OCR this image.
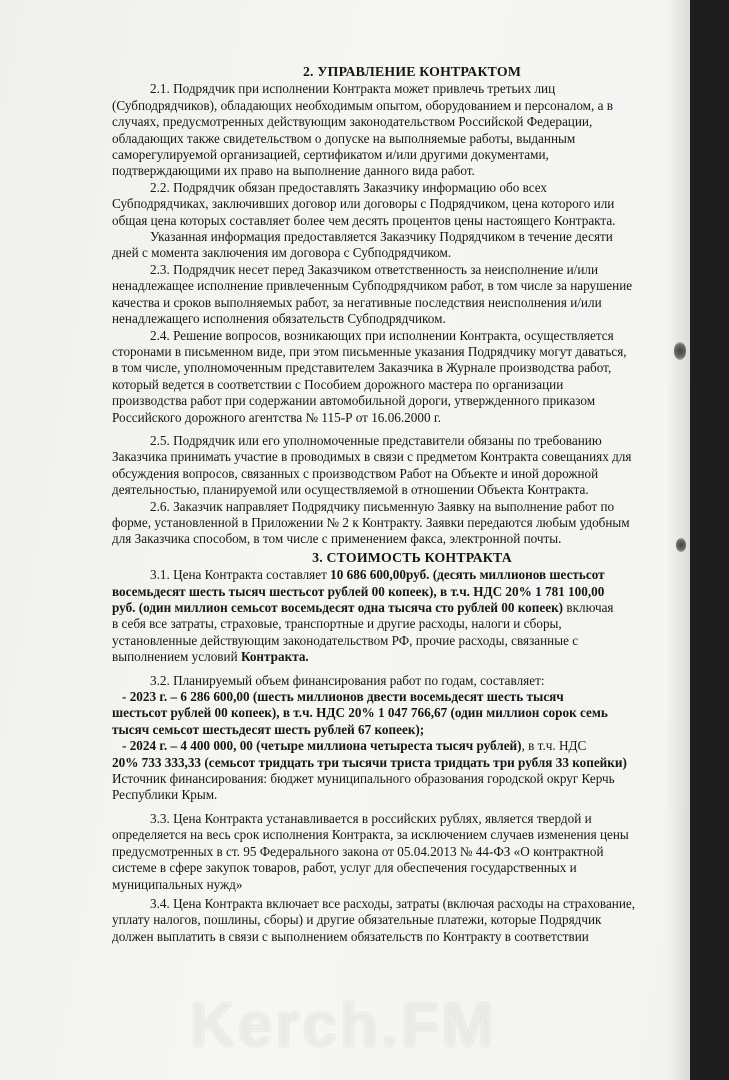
2. УПРАВЛЕНИЕ КОНТРАКТОМ
2.1. Подрядчик при исполнении Контракта может привлечь третьих лиц
(Субподрядчиков), обладающих необходимым опытом, оборудованием и персоналом, а в
случаях, предусмотренных действующим законодательством Российской Федерации,
обладающих также свидетельством о допуске на выполняемые работы, выданным
саморегулируемой организацией, сертификатом и/или другими документами,
подтверждающими их право на выполнение данного вида работ.
2.2. Подрядчик обязан предоставлять Заказчику информацию обо всех
Субподрядчиках, заключивших договор или договоры с Подрядчиком, цена которого или
общая цена которых составляет более чем десять процентов цены настоящего Контракта.
Указанная информация предоставляется Заказчику Подрядчиком в течение десяти
дней с момента заключения им договора с Субподрядчиком.
2.3. Подрядчик несет перед Заказчиком ответственность за неисполнение и/или
ненадлежащее исполнение привлеченным Субподрядчиком работ, в том числе за нарушение
качества и сроков выполняемых работ, за негативные последствия неисполнения и/или
ненадлежащего исполнения обязательств Субподрядчиком.
2.4. Решение вопросов, возникающих при исполнении Контракта, осуществляется
сторонами в письменном виде, при этом письменные указания Подрядчику могут даваться,
в том числе, уполномоченным представителем Заказчика в Журнале производства работ,
который ведется в соответствии с Пособием дорожного мастера по организации
производства работ при содержании автомобильной дороги, утвержденного приказом
Российского дорожного агентства № 115-Р от 16.06.2000 г.
2.5. Подрядчик или его уполномоченные представители обязаны по требованию
Заказчика принимать участие в проводимых в связи с предметом Контракта совещаниях для
обсуждения вопросов, связанных с производством Работ на Объекте и иной дорожной
деятельностью, планируемой или осуществляемой в отношении Объекта Контракта.
2.6. Заказчик направляет Подрядчику письменную Заявку на выполнение работ по
форме, установленной в Приложении № 2 к Контракту. Заявки передаются любым удобным
для Заказчика способом, в том числе с применением факса, электронной почты.
3. СТОИМОСТЬ КОНТРАКТА
3.1. Цена Контракта составляет 10 686 600,00руб. (десять миллионов шестьсот
восемьдесят шесть тысяч шестьсот рублей 00 копеек), в т.ч. НДС 20% 1 781 100,00
руб. (один миллион семьсот восемьдесят одна тысяча сто рублей 00 копеек) включая
в себя все затраты, страховые, транспортные и другие расходы, налоги и сборы,
установленные действующим законодательством РФ, прочие расходы, связанные с
выполнением условий Контракта.
3.2. Планируемый объем финансирования работ по годам, составляет:
- 2023 г. – 6 286 600,00 (шесть миллионов двести восемьдесят шесть тысяч
шестьсот рублей 00 копеек), в т.ч. НДС 20% 1 047 766,67 (один миллион сорок семь
тысяч семьсот шестьдесят шесть рублей 67 копеек);
- 2024 г. – 4 400 000, 00 (четыре миллиона четыреста тысяч рублей), в т.ч. НДС
20% 733 333,33 (семьсот тридцать три тысячи триста тридцать три рубля 33 копейки)
Источник финансирования: бюджет муниципального образования городской округ Керчь
Республики Крым.
3.3. Цена Контракта устанавливается в российских рублях, является твердой и
определяется на весь срок исполнения Контракта, за исключением случаев изменения цены
предусмотренных в ст. 95 Федерального закона от 05.04.2013 № 44-ФЗ «О контрактной
системе в сфере закупок товаров, работ, услуг для обеспечения государственных и
муниципальных нужд»
3.4. Цена Контракта включает все расходы, затраты (включая расходы на страхование,
уплату налогов, пошлины, сборы) и другие обязательные платежи, которые Подрядчик
должен выплатить в связи с выполнением обязательств по Контракту в соответствии
Kerch.FM
